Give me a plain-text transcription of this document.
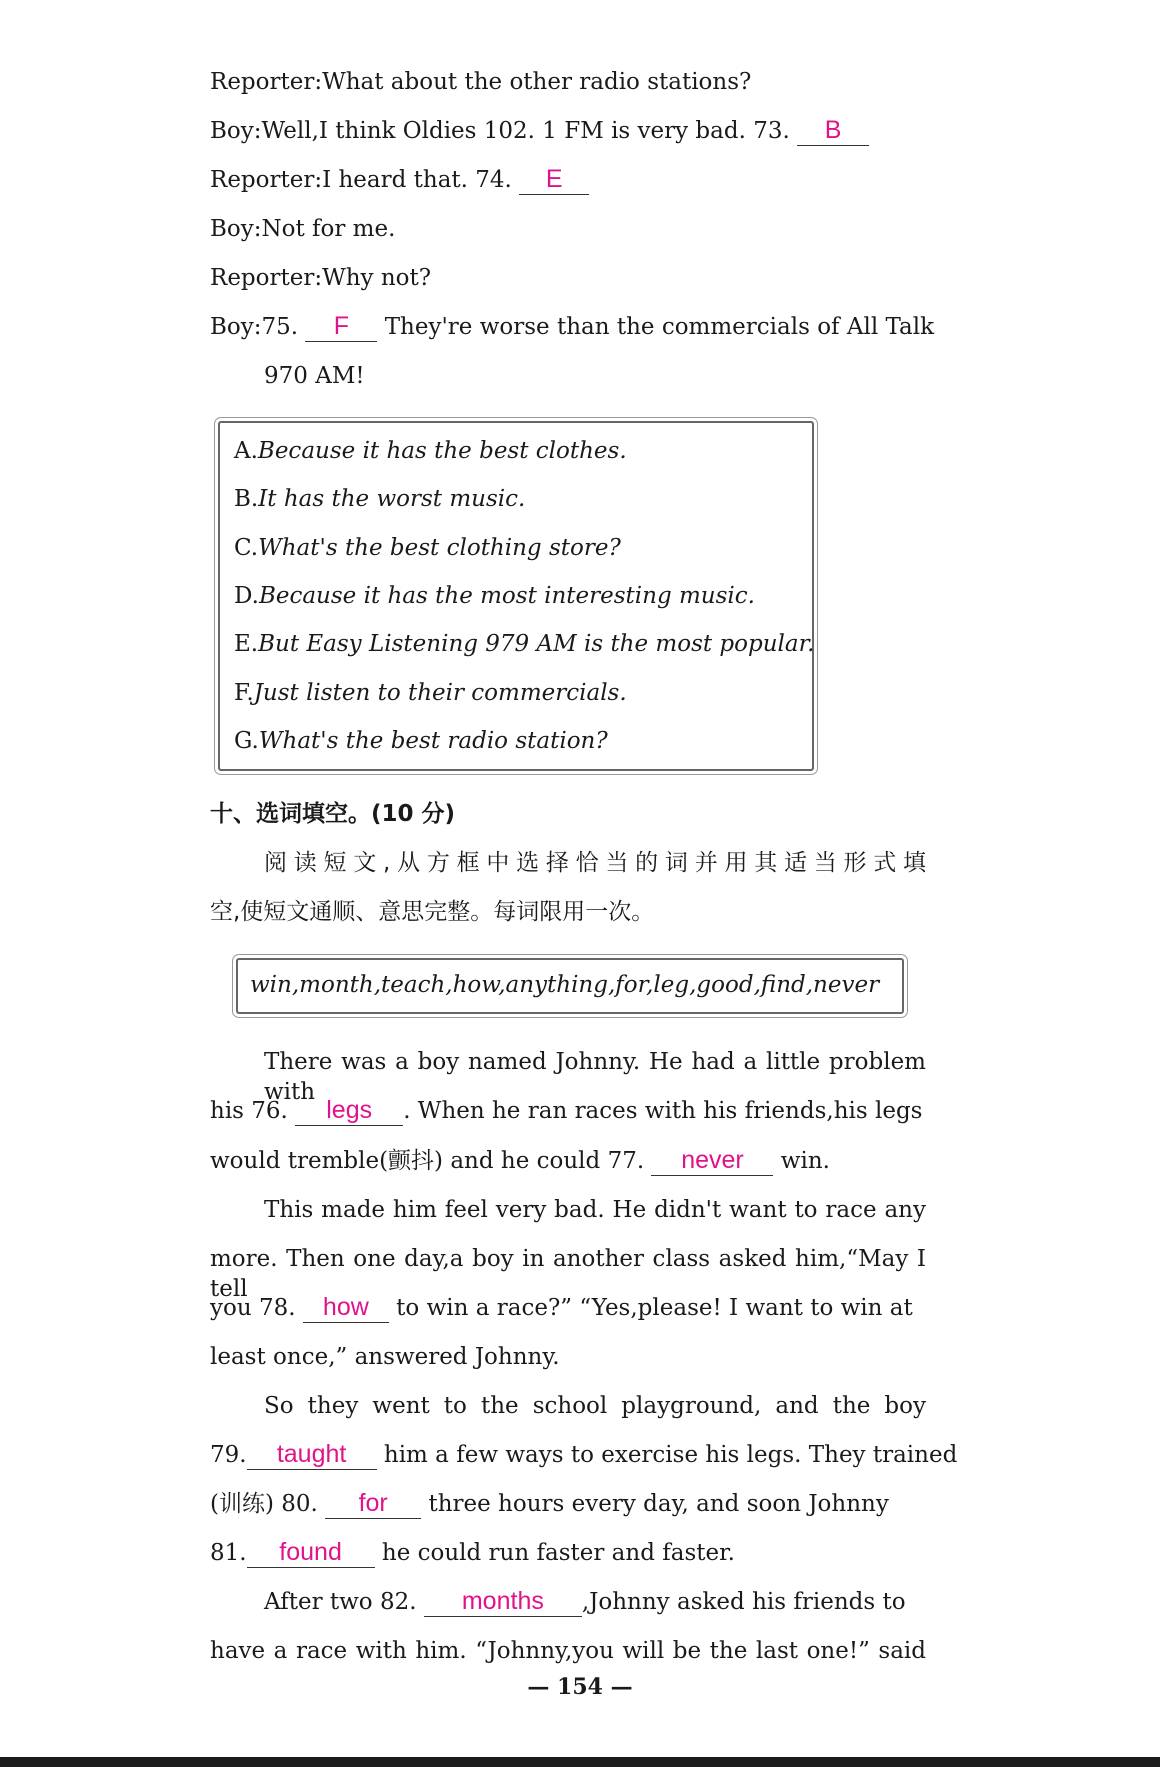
Reporter:What about the other radio stations?
Boy:Well,I think Oldies 102. 1 FM is very bad. 73. B
Reporter:I heard that. 74. E
Boy:Not for me.
Reporter:Why not?
Boy:75. F They're worse than the commercials of All Talk
970 AM!
A.Because it has the best clothes.
B.It has the worst music.
C.What's the best clothing store?
D.Because it has the most interesting music.
E.But Easy Listening 979 AM is the most popular.
F.Just listen to their commercials.
G.What's the best radio station?
十、选词填空。(10 分)
阅读短文,从方框中选择恰当的词并用其适当形式填
空,使短文通顺、意思完整。每词限用一次。
win,month,teach,how,anything,for,leg,good,find,never
There was a boy named Johnny. He had a little problem with
his 76. legs . When he ran races with his friends,his legs
would tremble(颤抖) and he could 77. never win.
This made him feel very bad. He didn't want to race any
more. Then one day,a boy in another class asked him,“May I tell
you 78. how to win a race?” “Yes,please! I want to win at
least once,” answered Johnny.
So they went to the school playground, and the boy
79. taught him a few ways to exercise his legs. They trained
(训练) 80. for three hours every day, and soon Johnny
81. found he could run faster and faster.
After two 82. months ,Johnny asked his friends to
have a race with him. “Johnny,you will be the last one!” said
— 154 —
